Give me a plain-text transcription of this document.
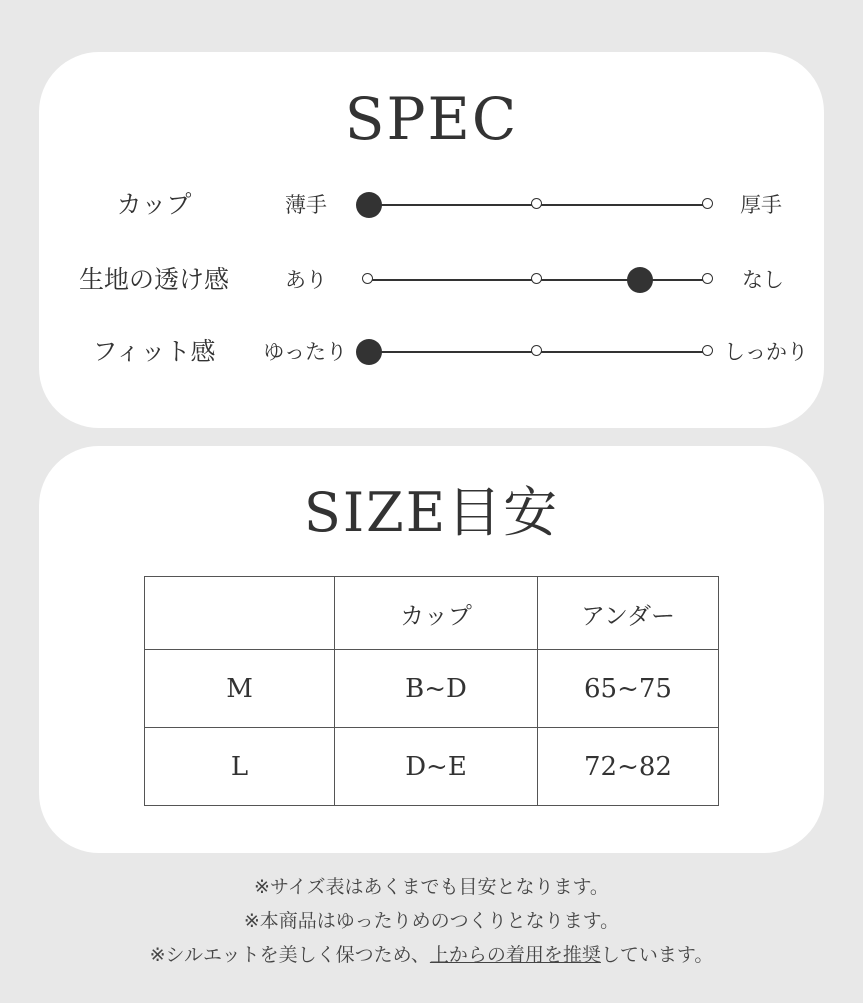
SPEC
カップ	薄手	厚手
生地の透け感	あり	なし
フィット感	ゆったり	しっかり
SIZE目安
	カップ	アンダー
M	B~D	65~75
L	D~E	72~82
※サイズ表はあくまでも目安となります。
※本商品はゆったりめのつくりとなります。
※シルエットを美しく保つため、上からの着用を推奨しています。
